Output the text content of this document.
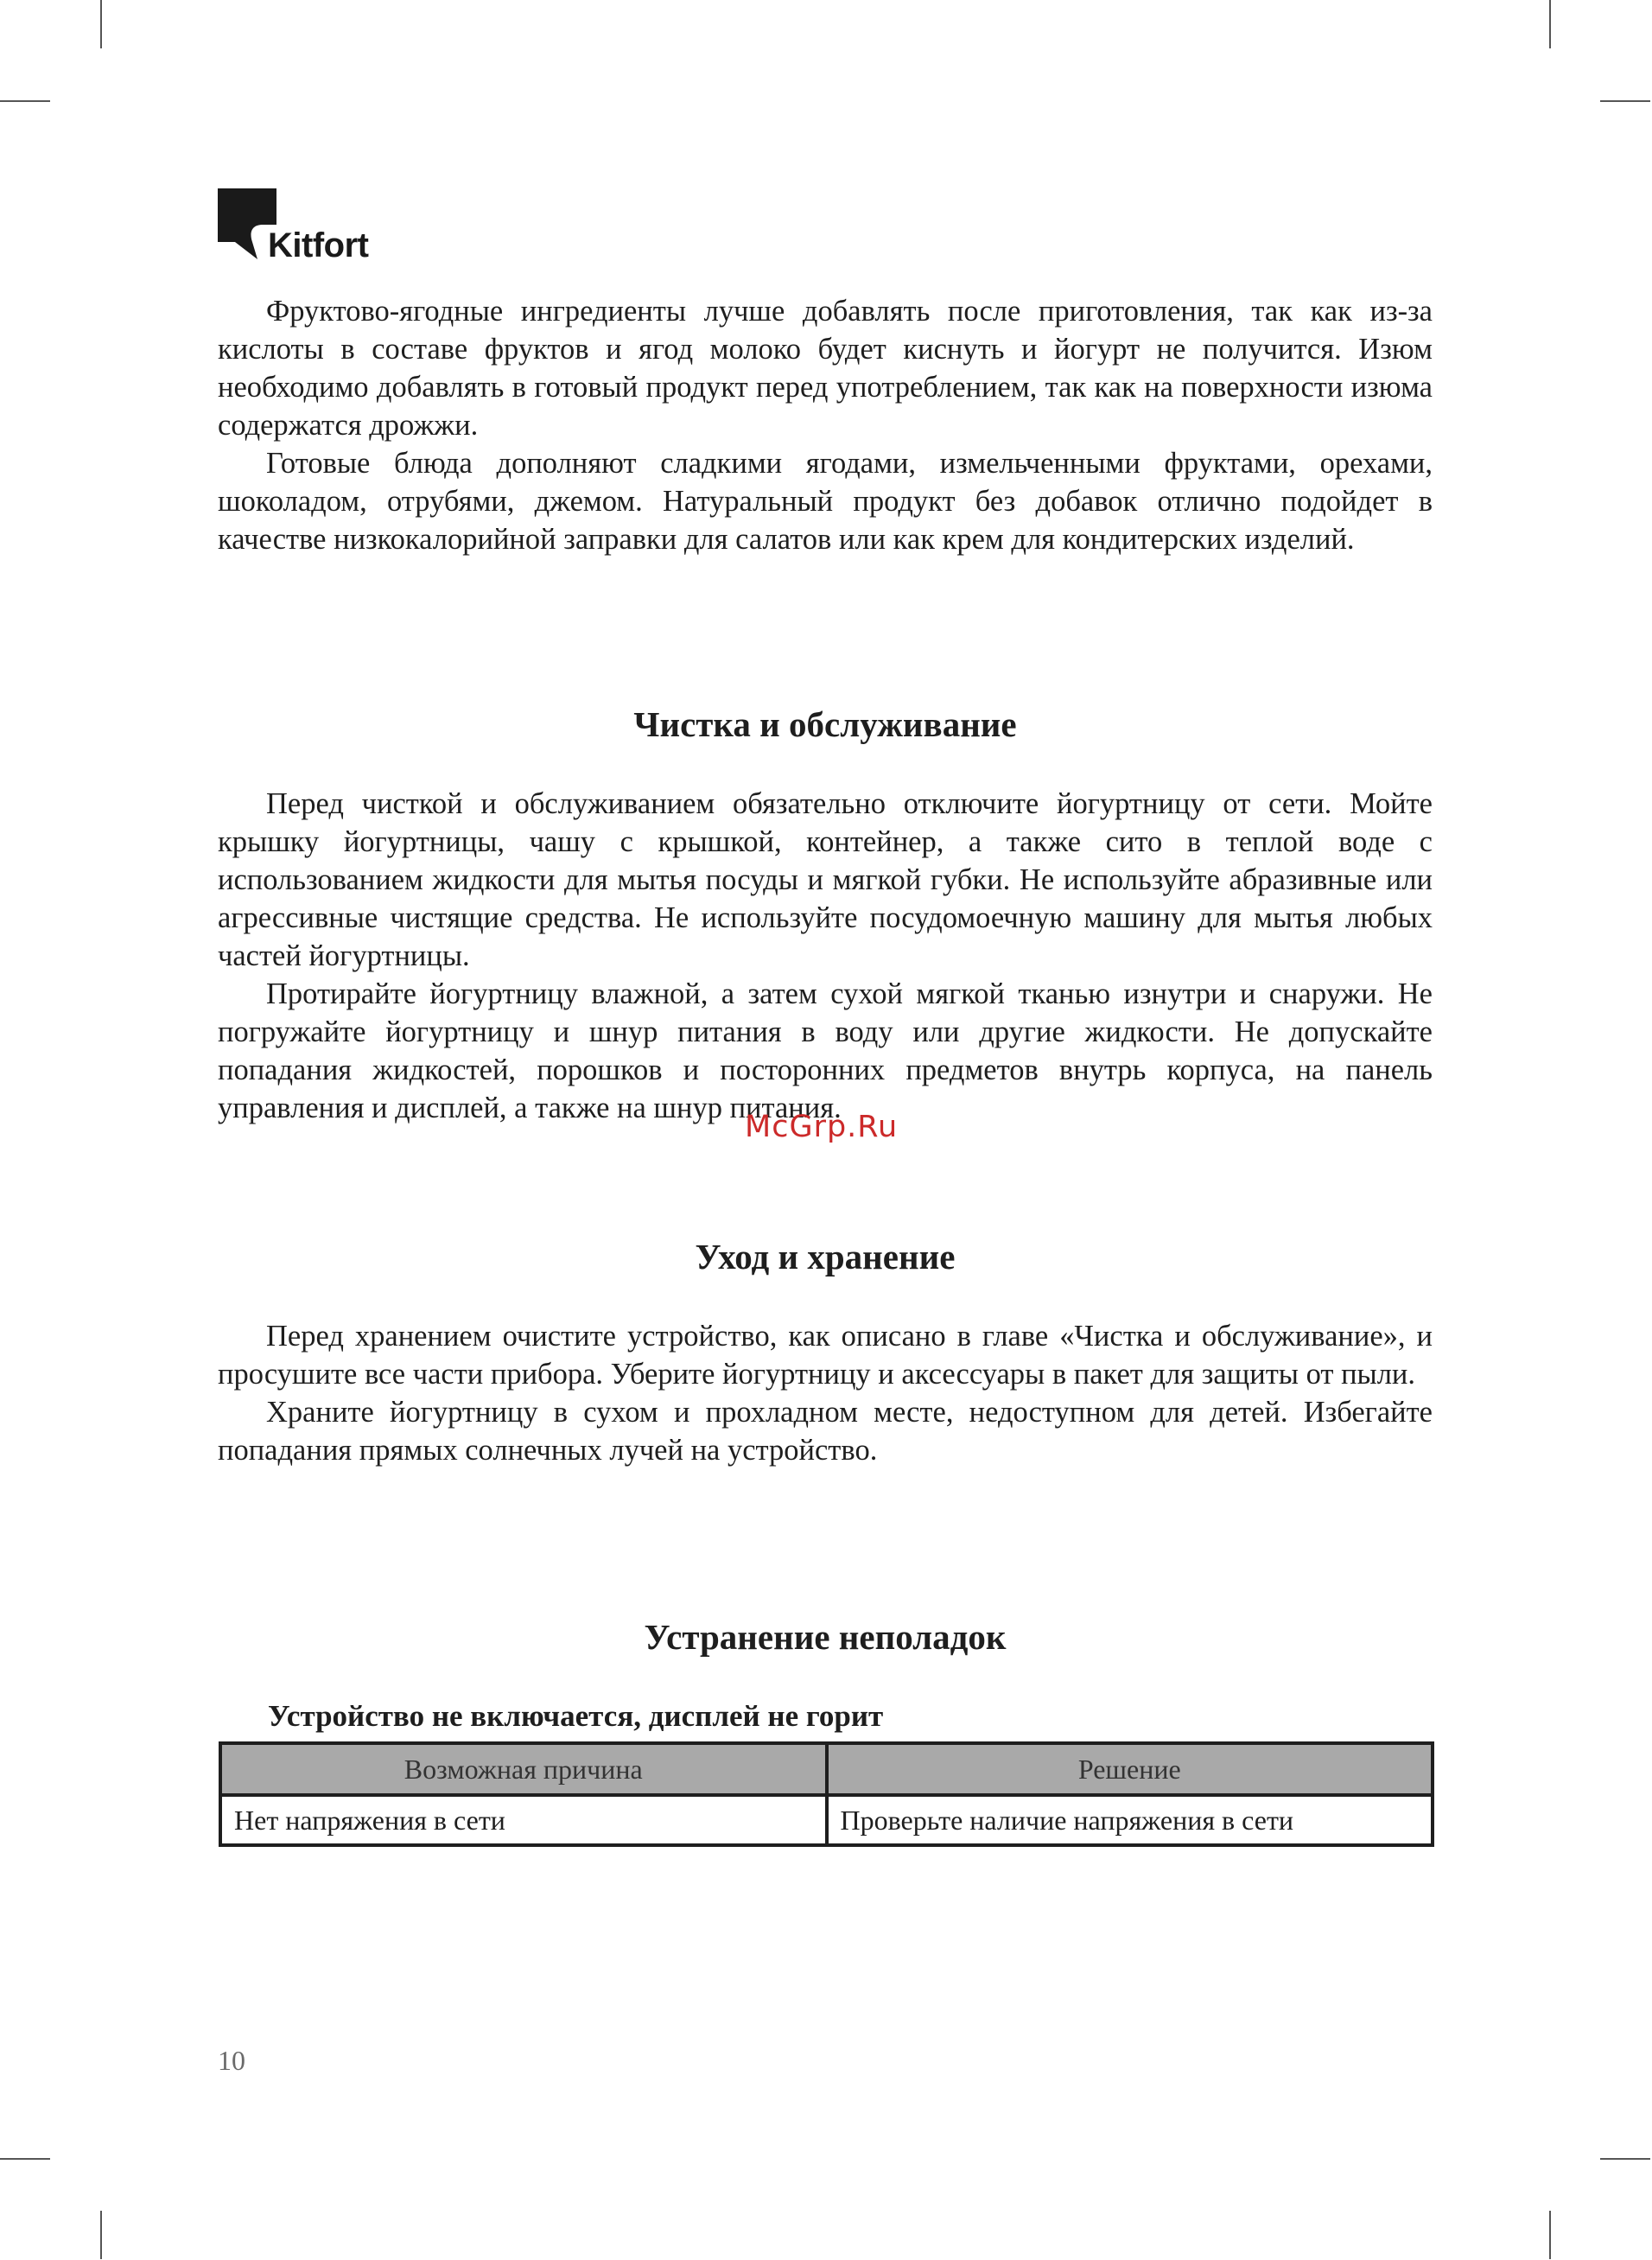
Kitfort

Фруктово-ягодные ингредиенты лучше добавлять после приготовления, так как из-за кислоты в составе фруктов и ягод молоко будет киснуть и йогурт не получится. Изюм необходимо добавлять в готовый продукт перед употреблением, так как на поверхности изюма содержатся дрожжи.

Готовые блюда дополняют сладкими ягодами, измельченными фруктами, орехами, шоколадом, отрубями, джемом. Натуральный продукт без добавок отлично подойдет в качестве низкокалорийной заправки для салатов или как крем для кондитерских изделий.

Чистка и обслуживание

Перед чисткой и обслуживанием обязательно отключите йогуртницу от сети. Мойте крышку йогуртницы, чашу с крышкой, контейнер, а также сито в теплой воде с использованием жидкости для мытья посуды и мягкой губки. Не используйте абразивные или агрессивные чистящие средства. Не используйте посудомоечную машину для мытья любых частей йогуртницы.

Протирайте йогуртницу влажной, а затем сухой мягкой тканью изнутри и снаружи. Не погружайте йогуртницу и шнур питания в воду или другие жидкости. Не допускайте попадания жидкостей, порошков и посторонних предметов внутрь корпуса, на панель управления и дисплей, а также на шнур питания.

McGrp.Ru
Уход и хранение

Перед хранением очистите устройство, как описано в главе «Чистка и обслуживание», и просушите все части прибора. Уберите йогуртницу и аксессуары в пакет для защиты от пыли.

Храните йогуртницу в сухом и прохладном месте, недоступном для детей. Избегайте попадания прямых солнечных лучей на устройство.

Устранение неполадок

Устройство не включается, дисплей не горит

Возможная причина	Решение
Нет напряжения в сети	Проверьте наличие напряжения в сети
10
